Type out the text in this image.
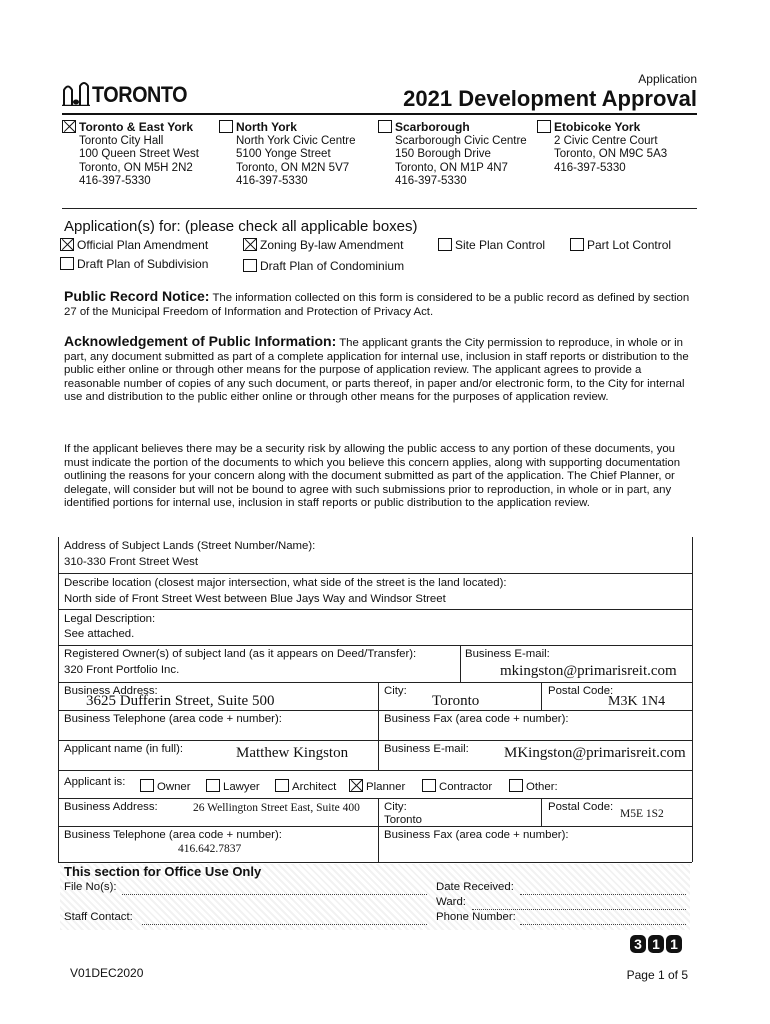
TORONTO
Application
2021 Development Approval
Toronto & East York
Toronto City Hall
100 Queen Street West
Toronto, ON M5H 2N2
416-397-5330
North York
North York Civic Centre
5100 Yonge Street
Toronto, ON M2N 5V7
416-397-5330
Scarborough
Scarborough Civic Centre
150 Borough Drive
Toronto, ON M1P 4N7
416-397-5330
Etobicoke York
2 Civic Centre Court
Toronto, ON M9C 5A3
416-397-5330
Application(s) for: (please check all applicable boxes)
Official Plan Amendment	Zoning By-law Amendment	Site Plan Control	Part Lot Control
Draft Plan of Subdivision	Draft Plan of Condominium
Public Record Notice: The information collected on this form is considered to be a public record as defined by section 27 of the Municipal Freedom of Information and Protection of Privacy Act.
Acknowledgement of Public Information: The applicant grants the City permission to reproduce, in whole or in part, any document submitted as part of a complete application for internal use, inclusion in staff reports or distribution to the public either online or through other means for the purpose of application review. The applicant agrees to provide a reasonable number of copies of any such document, or parts thereof, in paper and/or electronic form, to the City for internal use and distribution to the public either online or through other means for the purposes of application review.
If the applicant believes there may be a security risk by allowing the public access to any portion of these documents, you must indicate the portion of the documents to which you believe this concern applies, along with supporting documentation outlining the reasons for your concern along with the document submitted as part of the application. The Chief Planner, or delegate, will consider but will not be bound to agree with such submissions prior to reproduction, in whole or in part, any identified portions for internal use, inclusion in staff reports or public distribution to the application review.
Address of Subject Lands (Street Number/Name):
310-330 Front Street West
Describe location (closest major intersection, what side of the street is the land located):
North side of Front Street West between Blue Jays Way and Windsor Street
Legal Description:
See attached.
Registered Owner(s) of subject land (as it appears on Deed/Transfer):
320 Front Portfolio Inc.
Business E-mail:
mkingston@primarisreit.com
Business Address:
3625 Dufferin Street, Suite 500
City:
Toronto
Postal Code:
M3K 1N4
Business Telephone (area code + number):	Business Fax (area code + number):
Applicant name (in full):	Matthew Kingston	Business E-mail: MKingston@primarisreit.com
Applicant is:	Owner	Lawyer	Architect	Planner	Contractor	Other:
Business Address:	26 Wellington Street East, Suite 400 City:
Toronto
Postal Code:
M5E 1S2
Business Telephone (area code + number):
416.642.7837
Business Fax (area code + number):
This section for Office Use Only
File No(s):	Date Received:
Ward:
Staff Contact:	Phone Number:
3 1 1
V01DEC2020	Page 1 of 5
